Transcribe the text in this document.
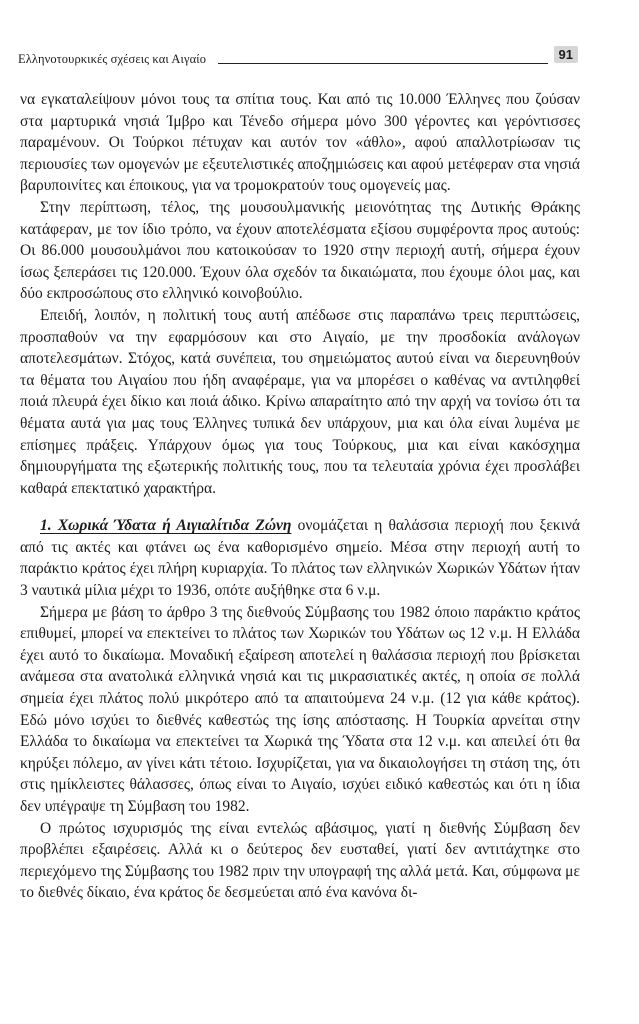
Ελληνοτουρκικές σχέσεις και Αιγαίο	91

να εγκαταλείψουν μόνοι τους τα σπίτια τους. Και από τις 10.000 Έλληνες που ζούσαν στα μαρτυρικά νησιά Ίμβρο και Τένεδο σήμερα μόνο 300 γέροντες και γερόντισσες παραμένουν. Οι Τούρκοι πέτυχαν και αυτόν τον «άθλο», αφού απαλλοτρίωσαν τις περιουσίες των ομογενών με εξευτελιστικές αποζημιώσεις και αφού μετέφεραν στα νησιά βαρυποινίτες και έποικους, για να τρομοκρατούν τους ομογενείς μας.

Στην περίπτωση, τέλος, της μουσουλμανικής μειονότητας της Δυτικής Θράκης κατάφεραν, με τον ίδιο τρόπο, να έχουν αποτελέσματα εξίσου συμφέροντα προς αυτούς: Οι 86.000 μουσουλμάνοι που κατοικούσαν το 1920 στην περιοχή αυτή, σήμερα έχουν ίσως ξεπεράσει τις 120.000. Έχουν όλα σχεδόν τα δικαιώματα, που έχουμε όλοι μας, και δύο εκπροσώπους στο ελληνικό κοινοβούλιο.

Επειδή, λοιπόν, η πολιτική τους αυτή απέδωσε στις παραπάνω τρεις περιπτώσεις, προσπαθούν να την εφαρμόσουν και στο Αιγαίο, με την προσδοκία ανάλογων αποτελεσμάτων. Στόχος, κατά συνέπεια, του σημειώματος αυτού είναι να διερευνηθούν τα θέματα του Αιγαίου που ήδη αναφέραμε, για να μπορέσει ο καθένας να αντιληφθεί ποιά πλευρά έχει δίκιο και ποιά άδικο. Κρίνω απαραίτητο από την αρχή να τονίσω ότι τα θέματα αυτά για μας τους Έλληνες τυπικά δεν υπάρχουν, μια και όλα είναι λυμένα με επίσημες πράξεις. Υπάρχουν όμως για τους Τούρκους, μια και είναι κακόσχημα δημιουργήματα της εξωτερικής πολιτικής τους, που τα τελευταία χρόνια έχει προσλάβει καθαρά επεκτατικό χαρακτήρα.

1. Χωρικά Ύδατα ή Αιγιαλίτιδα Ζώνη ονομάζεται η θαλάσσια περιοχή που ξεκινά από τις ακτές και φτάνει ως ένα καθορισμένο σημείο. Μέσα στην περιοχή αυτή το παράκτιο κράτος έχει πλήρη κυριαρχία. Το πλάτος των ελληνικών Χωρικών Υδάτων ήταν 3 ναυτικά μίλια μέχρι το 1936, οπότε αυξήθηκε στα 6 ν.μ.

Σήμερα με βάση το άρθρο 3 της διεθνούς Σύμβασης του 1982 όποιο παράκτιο κράτος επιθυμεί, μπορεί να επεκτείνει το πλάτος των Χωρικών του Υδάτων ως 12 ν.μ. Η Ελλάδα έχει αυτό το δικαίωμα. Μοναδική εξαίρεση αποτελεί η θαλάσσια περιοχή που βρίσκεται ανάμεσα στα ανατολικά ελληνικά νησιά και τις μικρασιατικές ακτές, η οποία σε πολλά σημεία έχει πλάτος πολύ μικρότερο από τα απαιτούμενα 24 ν.μ. (12 για κάθε κράτος). Εδώ μόνο ισχύει το διεθνές καθεστώς της ίσης απόστασης. Η Τουρκία αρνείται στην Ελλάδα το δικαίωμα να επεκτείνει τα Χωρικά της Ύδατα στα 12 ν.μ. και απειλεί ότι θα κηρύξει πόλεμο, αν γίνει κάτι τέτοιο. Ισχυρίζεται, για να δικαιολογήσει τη στάση της, ότι στις ημίκλειστες θάλασσες, όπως είναι το Αιγαίο, ισχύει ειδικό καθεστώς και ότι η ίδια δεν υπέγραψε τη Σύμβαση του 1982.

Ο πρώτος ισχυρισμός της είναι εντελώς αβάσιμος, γιατί η διεθνής Σύμβαση δεν προβλέπει εξαιρέσεις. Αλλά κι ο δεύτερος δεν ευσταθεί, γιατί δεν αντιτάχτηκε στο περιεχόμενο της Σύμβασης του 1982 πριν την υπογραφή της αλλά μετά. Και, σύμφωνα με το διεθνές δίκαιο, ένα κράτος δε δεσμεύεται από ένα κανόνα δι-
